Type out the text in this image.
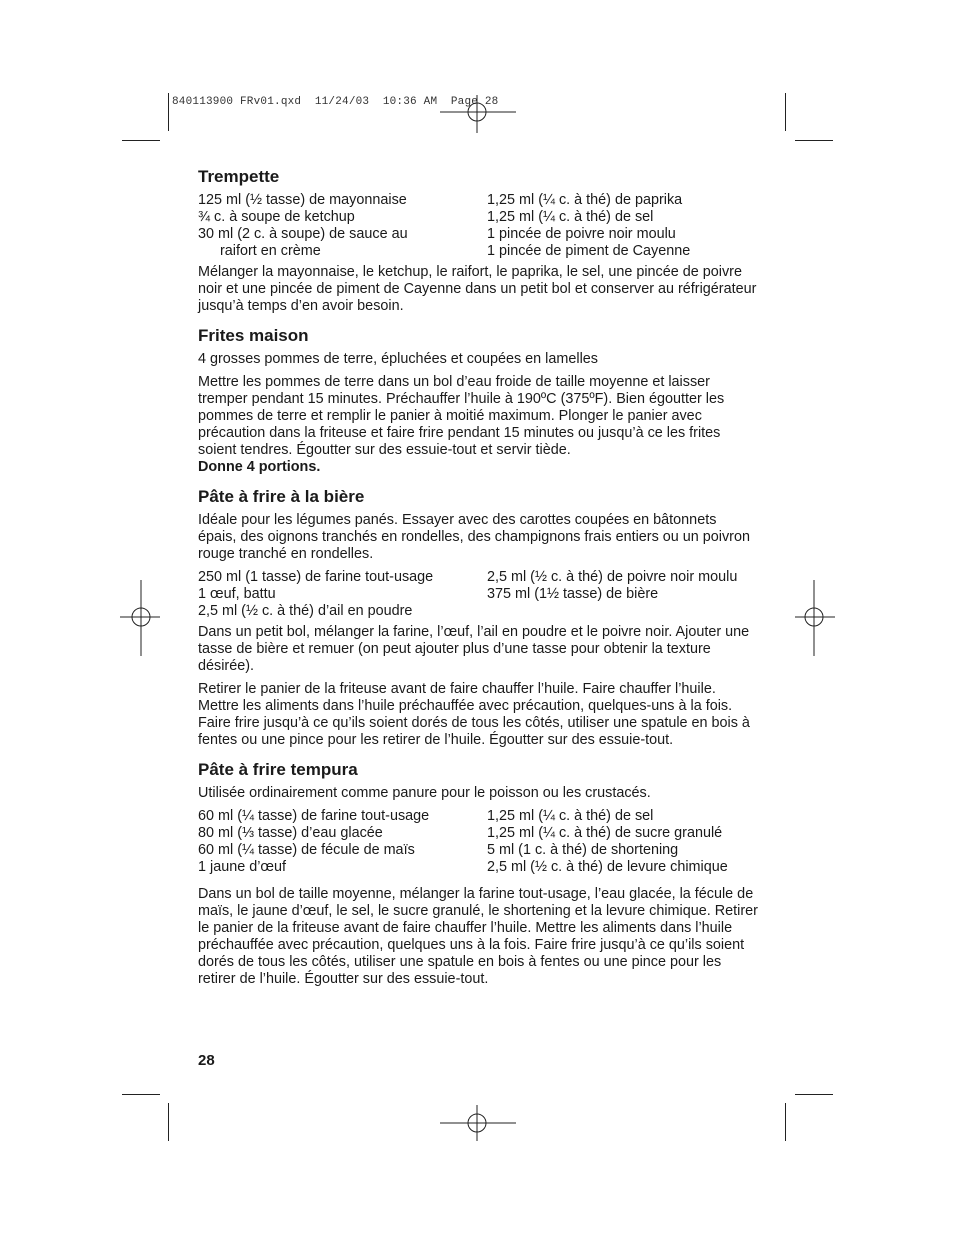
840113900 FRv01.qxd  11/24/03  10:36 AM  Page 28
Trempette
125 ml (½ tasse) de mayonnaise
¾ c. à soupe de ketchup
30 ml (2 c. à soupe) de sauce au
raifort en crème
1,25 ml (¼ c. à thé) de paprika
1,25 ml (¼ c. à thé) de sel
1 pincée de poivre noir moulu
1 pincée de piment de Cayenne

Mélanger la mayonnaise, le ketchup, le raifort, le paprika, le sel, une pincée de poivre noir et une pincée de piment de Cayenne dans un petit bol et conserver au réfrigérateur jusqu’à temps d’en avoir besoin.

Frites maison

4 grosses pommes de terre, épluchées et coupées en lamelles

Mettre les pommes de terre dans un bol d’eau froide de taille moyenne et laisser tremper pendant 15 minutes. Préchauffer l’huile à 190ºC (375ºF). Bien égoutter les pommes de terre et remplir le panier à moitié maximum. Plonger le panier avec précaution dans la friteuse et faire frire pendant 15 minutes ou jusqu’à ce les frites soient tendres. Égoutter sur des essuie-tout et servir tiède.

Donne 4 portions.

Pâte à frire à la bière

Idéale pour les légumes panés. Essayer avec des carottes coupées en bâtonnets épais, des oignons tranchés en rondelles, des champignons frais entiers ou un poivron rouge tranché en rondelles.

250 ml (1 tasse) de farine tout-usage
1 œuf, battu
2,5 ml (½ c. à thé) d’ail en poudre
2,5 ml (½ c. à thé) de poivre noir moulu
375 ml (1½ tasse) de bière

Dans un petit bol, mélanger la farine, l’œuf, l’ail en poudre et le poivre noir. Ajouter une tasse de bière et remuer (on peut ajouter plus d’une tasse pour obtenir la texture désirée).

Retirer le panier de la friteuse avant de faire chauffer l’huile. Faire chauffer l’huile. Mettre les aliments dans l’huile préchauffée avec précaution, quelques-uns à la fois. Faire frire jusqu’à ce qu’ils soient dorés de tous les côtés, utiliser une spatule en bois à fentes ou une pince pour les retirer de l’huile. Égoutter sur des essuie-tout.

Pâte à frire tempura

Utilisée ordinairement comme panure pour le poisson ou les crustacés.

60 ml (¼ tasse) de farine tout-usage
80 ml (⅓ tasse) d’eau glacée
60 ml (¼ tasse) de fécule de maïs
1 jaune d’œuf
1,25 ml (¼ c. à thé) de sel
1,25 ml (¼ c. à thé) de sucre granulé
5 ml (1 c. à thé) de shortening
2,5 ml (½ c. à thé) de levure chimique

Dans un bol de taille moyenne, mélanger la farine tout-usage, l’eau glacée, la fécule de maïs, le jaune d’œuf, le sel, le sucre granulé, le shortening et la levure chimique. Retirer le panier de la friteuse avant de faire chauffer l’huile. Mettre les aliments dans l’huile préchauffée avec précaution, quelques uns à la fois. Faire frire jusqu’à ce qu’ils soient dorés de tous les côtés, utiliser une spatule en bois à fentes ou une pince pour les retirer de l’huile. Égoutter sur des essuie-tout.

28
